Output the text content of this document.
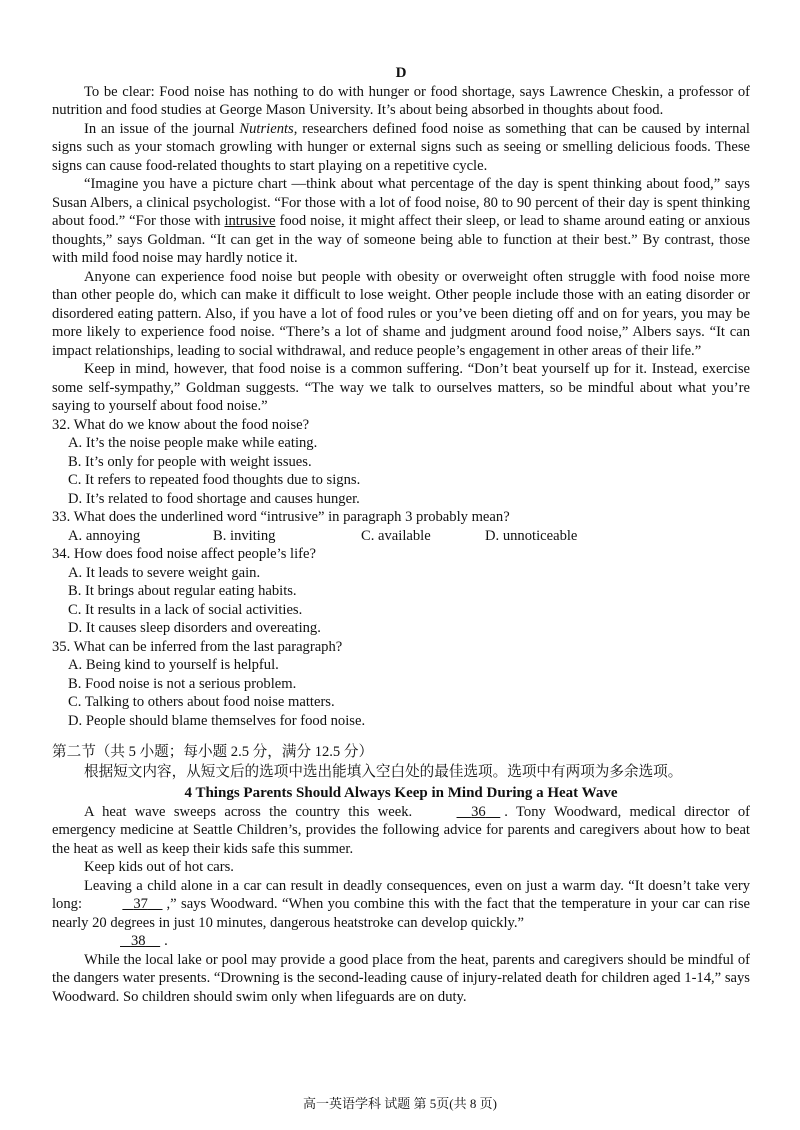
D

To be clear: Food noise has nothing to do with hunger or food shortage, says Lawrence Cheskin, a professor of nutrition and food studies at George Mason University. It’s about being absorbed in thoughts about food.

In an issue of the journal Nutrients, researchers defined food noise as something that can be caused by internal signs such as your stomach growling with hunger or external signs such as seeing or smelling delicious foods. These signs can cause food-related thoughts to start playing on a repetitive cycle.

“Imagine you have a picture chart —think about what percentage of the day is spent thinking about food,” says Susan Albers, a clinical psychologist. “For those with a lot of food noise, 80 to 90 percent of their day is spent thinking about food.” “For those with intrusive food noise, it might affect their sleep, or lead to shame around eating or anxious thoughts,” says Goldman. “It can get in the way of someone being able to function at their best.” By contrast, those with mild food noise may hardly notice it.

Anyone can experience food noise but people with obesity or overweight often struggle with food noise more than other people do, which can make it difficult to lose weight. Other people include those with an eating disorder or disordered eating pattern. Also, if you have a lot of food rules or you’ve been dieting off and on for years, you may be more likely to experience food noise. “There’s a lot of shame and judgment around food noise,” Albers says. “It can impact relationships, leading to social withdrawal, and reduce people’s engagement in other areas of their life.”

Keep in mind, however, that food noise is a common suffering. “Don’t beat yourself up for it. Instead, exercise some self-sympathy,” Goldman suggests. “The way we talk to ourselves matters, so be mindful about what you’re saying to yourself about food noise.”

32. What do we know about the food noise?

A. It’s the noise people make while eating.

B. It’s only for people with weight issues.

C. It refers to repeated food thoughts due to signs.

D. It’s related to food shortage and causes hunger.

33. What does the underlined word “intrusive” in paragraph 3 probably mean?

A. annoying	B. inviting	C. available	D. unnoticeable

34. How does food noise affect people’s life?

A. It leads to severe weight gain.

B. It brings about regular eating habits.

C. It results in a lack of social activities.

D. It causes sleep disorders and overeating.

35. What can be inferred from the last paragraph?

A. Being kind to yourself is helpful.

B. Food noise is not a serious problem.

C. Talking to others about food noise matters.

D. People should blame themselves for food noise.

第二节（共 5 小题；每小题 2.5 分，满分 12.5 分）

根据短文内容，从短文后的选项中选出能填入空白处的最佳选项。选项中有两项为多余选项。

4 Things Parents Should Always Keep in Mind During a Heat Wave

A heat wave sweeps across the country this week.	36 . Tony Woodward, medical director of emergency medicine at Seattle Children’s, provides the following advice for parents and caregivers about how to beat the heat as well as keep their kids safe this summer.

Keep kids out of hot cars.

Leaving a child alone in a car can result in deadly consequences, even on just a warm day. “It doesn’t take very long:	37 ,” says Woodward. “When you combine this with the fact that the temperature in your car can rise nearly 20 degrees in just 10 minutes, dangerous heatstroke can develop quickly.”

38 .

While the local lake or pool may provide a good place from the heat, parents and caregivers should be mindful of the dangers water presents. “Drowning is the second-leading cause of injury-related death for children aged 1-14,” says Woodward. So children should swim only when lifeguards are on duty.

高一英语学科 试题 第 5页(共 8 页)
